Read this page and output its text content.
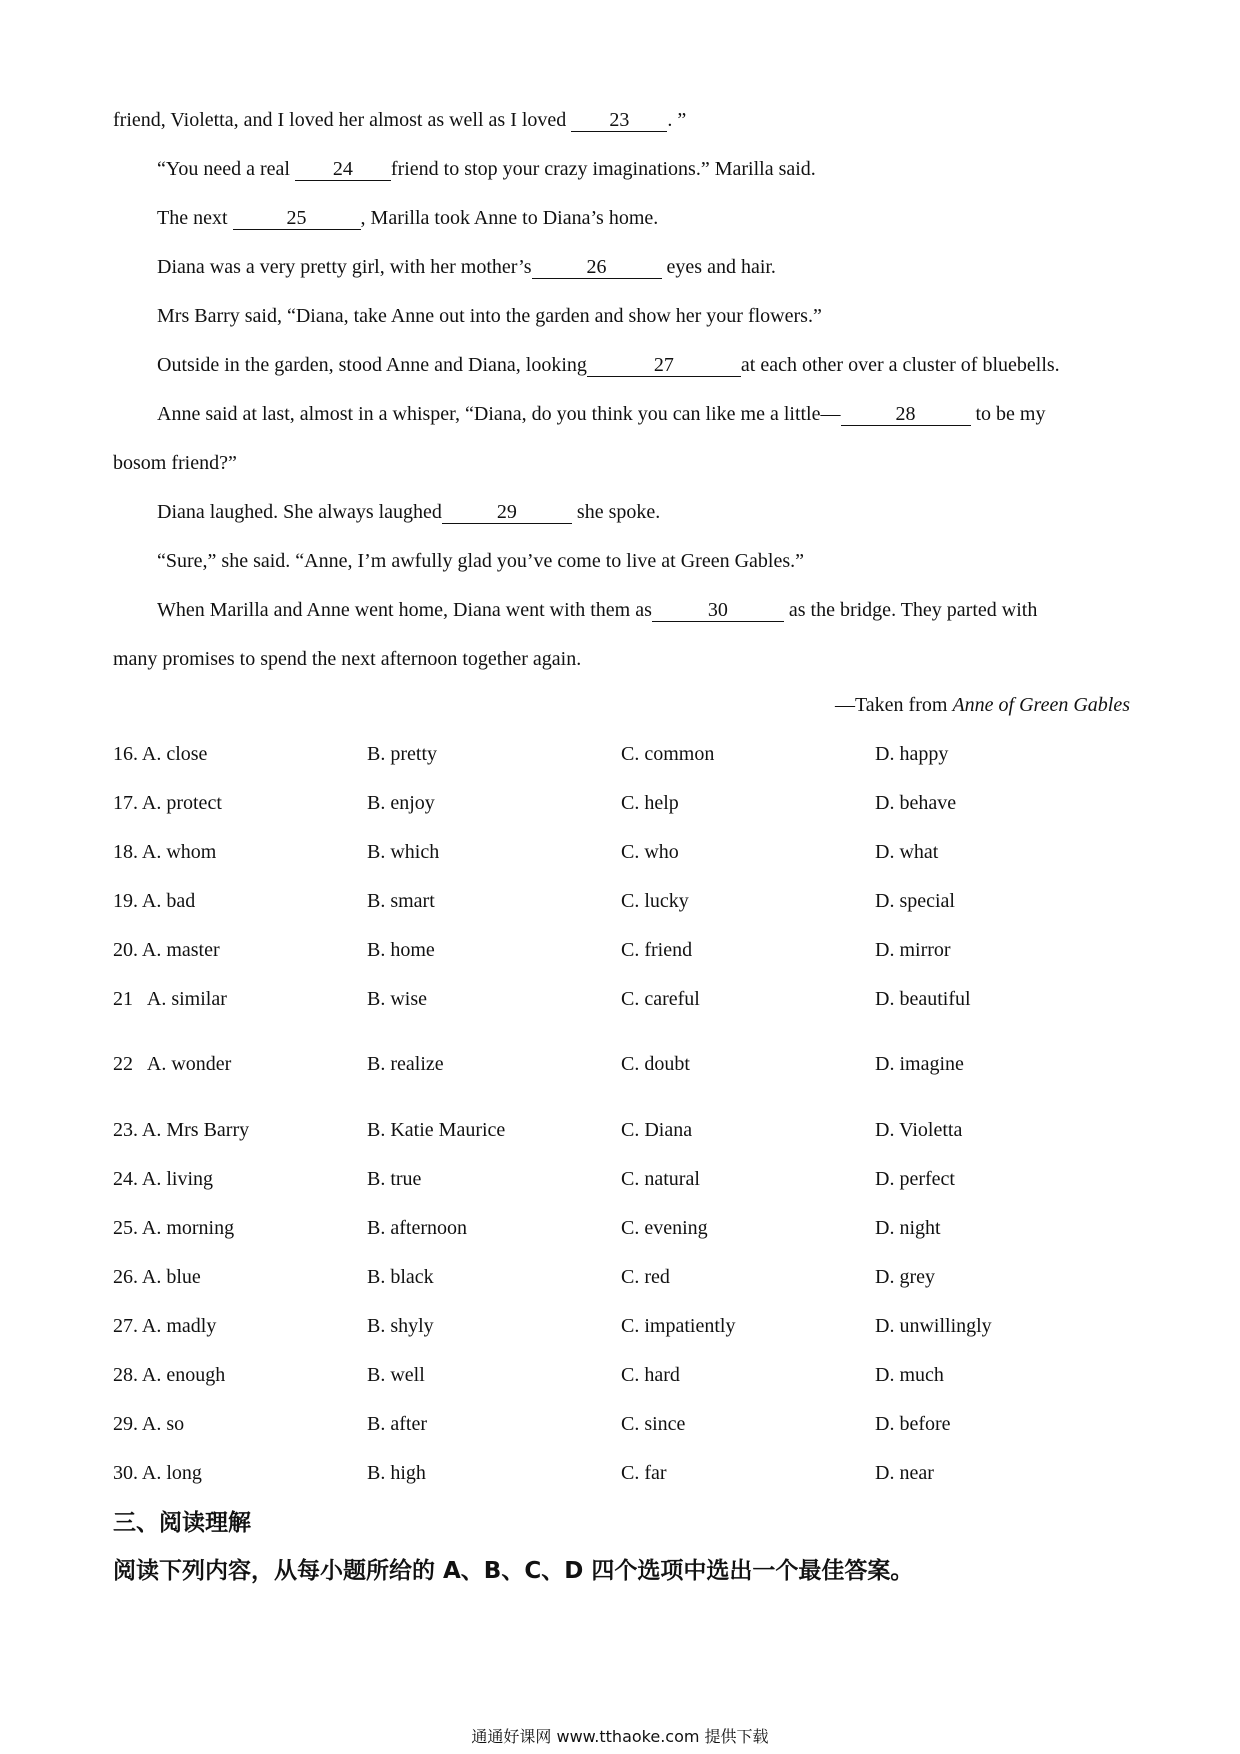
friend, Violetta, and I loved her almost as well as I loved 23 . ”
“You need a real 24 friend to stop your crazy imaginations.” Marilla said.
The next	25	, Marilla took Anne to Diana’s home.
Diana was a very pretty girl, with her mother’s	26	eyes and hair.
Mrs Barry said, “Diana, take Anne out into the garden and show her your flowers.”
Outside in the garden, stood Anne and Diana, looking	27	at each other over a cluster of bluebells.
Anne said at last, almost in a whisper, “Diana, do you think you can like me a little—	28	to be my
bosom friend?”
Diana laughed. She always laughed	29	she spoke.
“Sure,” she said. “Anne, I’m awfully glad you’ve come to live at Green Gables.”
When Marilla and Anne went home, Diana went with them as	30	as the bridge. They parted with
many promises to spend the next afternoon together again.
—Taken from Anne of Green Gables
16. A. close	B. pretty	C. common	D. happy
17. A. protect	B. enjoy	C. help	D. behave
18. A. whom	B. which	C. who	D. what
19. A. bad	B. smart	C. lucky	D. special
20. A. master	B. home	C. friend	D. mirror
21   A. similar	B. wise	C. careful	D. beautiful
22   A. wonder	B. realize	C. doubt	D. imagine
23. A. Mrs Barry	B. Katie Maurice	C. Diana	D. Violetta
24. A. living	B. true	C. natural	D. perfect
25. A. morning	B. afternoon	C. evening	D. night
26. A. blue	B. black	C. red	D. grey
27. A. madly	B. shyly	C. impatiently	D. unwillingly
28. A. enough	B. well	C. hard	D. much
29. A. so	B. after	C. since	D. before
30. A. long	B. high	C. far	D. near
三、阅读理解
阅读下列内容，从每小题所给的 A、B、C、D 四个选项中选出一个最佳答案。
通通好课网 www.tthaoke.com 提供下载
